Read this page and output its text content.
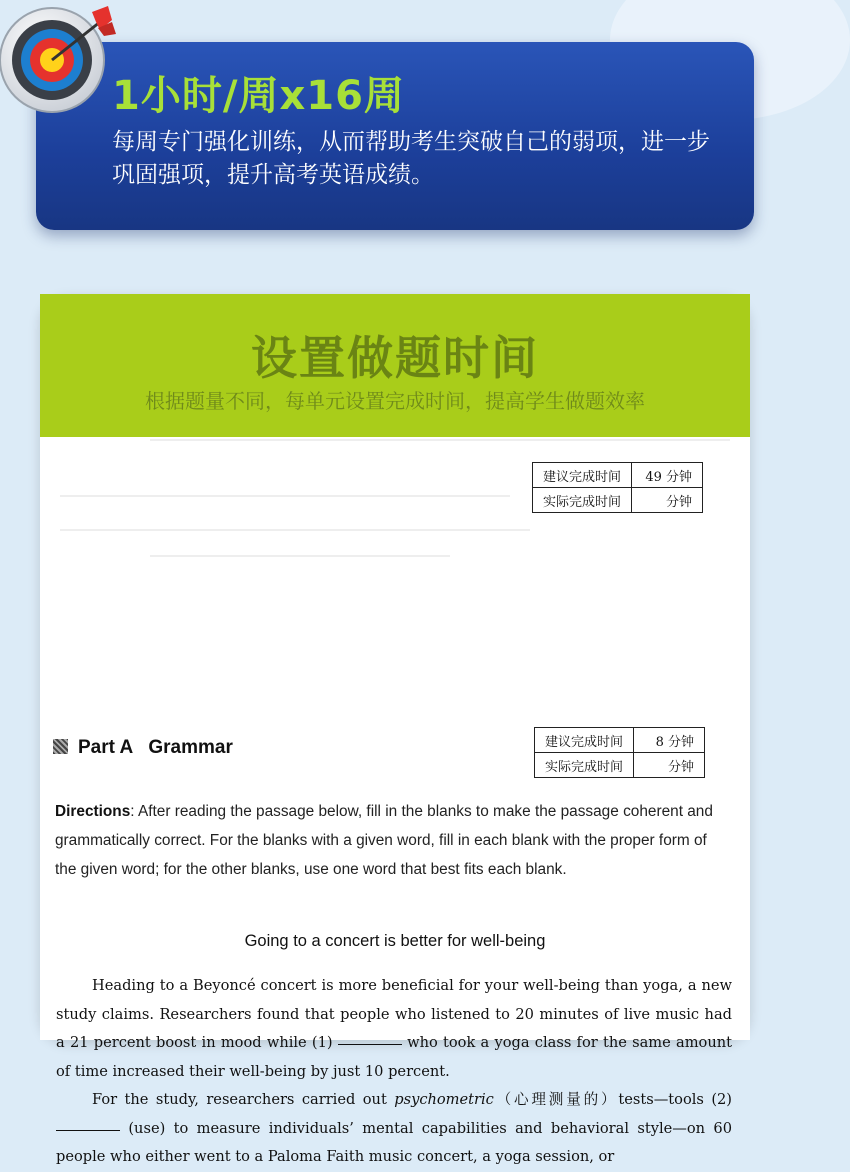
1小时/周x16周

每周专门强化训练，从而帮助考生突破自己的弱项，进一步巩固强项，提升高考英语成绩。

设置做题时间

根据题量不同，每单元设置完成时间，提高学生做题效率

建议完成时间	49 分钟
实际完成时间	分钟
Part A   Grammar	建议完成时间	8 分钟
实际完成时间	分钟

Directions: After reading the passage below, fill in the blanks to make the passage coherent and grammatically correct. For the blanks with a given word, fill in each blank with the proper form of the given word; for the other blanks, use one word that best fits each blank.

Going to a concert is better for well-being

Heading to a Beyoncé concert is more beneficial for your well-being than yoga, a new study claims. Researchers found that people who listened to 20 minutes of live music had a 21 percent boost in mood while (1)	who took a yoga class for the same amount of time increased their well-being by just 10 percent.

For the study, researchers carried out psychometric（心理测量的）tests—tools (2)  (use) to measure individuals’ mental capabilities and behavioral style—on 60 people who either went to a Paloma Faith music concert, a yoga session, or
